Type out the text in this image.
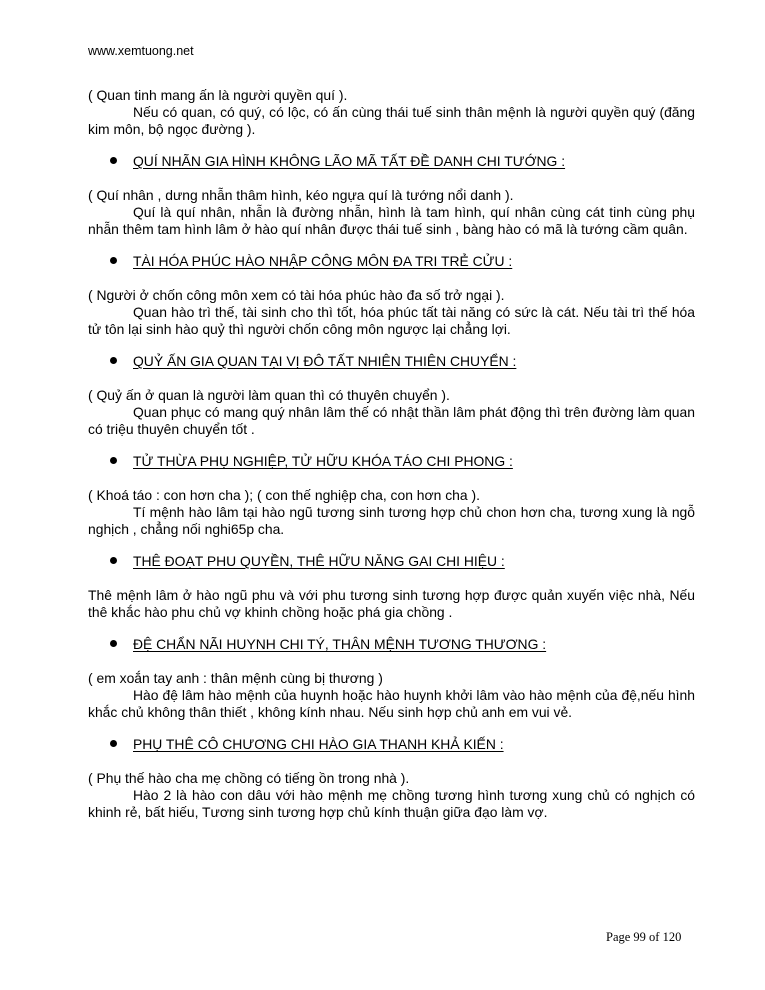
www.xemtuong.net

( Quan tinh mang ấn là người quyền quí ).

Nếu có quan, có quý, có lộc, có ấn cùng thái tuế sinh thân mệnh là người quyền quý (đăng kim môn, bộ ngọc đường ).

QUÍ NHÃN GIA HÌNH KHÔNG LÃO MÃ TẤT ĐỀ DANH CHI TƯỚNG :

( Quí nhân , dưng nhẫn thâm hình, kéo ngựa quí là tướng nổi danh ).

Quí là quí nhân, nhẫn là đường nhẫn, hình là tam hình, quí nhân cùng cát tinh cùng phụ nhẫn thêm tam hình lâm ở hào quí nhân được thái tuế sinh , bàng hào có mã là tướng cầm quân.

TÀI HÓA PHÚC HÀO NHẬP CÔNG MÔN ĐA TRI TRẺ CỬU :

( Người ở chốn công môn xem có tài hóa phúc hào đa số trở ngại ).

Quan hào trì thế, tài sinh cho thì tốt, hóa phúc tất tài năng có sức là cát. Nếu tài trì thế hóa tử tôn lại sinh hào quỷ thì người chốn công môn ngược lại chẳng lợi.

QUỶ ẤN GIA QUAN TẠI VỊ ĐÔ TẤT NHIÊN THIÊN CHUYỂN :

( Quỷ ấn ở quan là người làm quan thì có thuyên chuyển ).

Quan phục có mang quý nhân lâm thế có nhật thần lâm phát động thì trên đường làm quan có triệu thuyên chuyển tốt .

TỬ THỪA PHỤ NGHIỆP, TỬ HỮU KHÓA TÁO CHI PHONG :

( Khoá táo : con hơn cha ); ( con thế nghiệp cha, con hơn cha ).

Tí mệnh hào lâm tại hào ngũ tương sinh tương hợp chủ chon hơn cha, tương xung là ngỗ nghịch , chẳng nối nghi65p cha.

THÊ ĐOẠT PHU QUYỀN, THÊ HỮU NĂNG GAI CHI HIỆU :

Thê mệnh lâm ở hào ngũ phu và với phu tương sinh tương hợp được quản xuyến việc nhà, Nếu thê khắc hào phu chủ vợ khinh chồng hoặc phá gia chồng .

ĐỆ CHẨN NÃI HUYNH CHI TÝ, THÂN MỆNH TƯƠNG THƯƠNG :

( em xoắn tay anh : thân mệnh cùng bị thương )

Hào đệ lâm hào mệnh của huynh hoặc hào huynh khởi lâm vào hào mệnh của đệ,nếu hình khắc chủ không thân thiết , không kính nhau. Nếu sinh hợp chủ anh em vui vẻ.

PHỤ THÊ CÔ CHƯƠNG CHI HÀO GIA THANH KHẢ KIẾN :

( Phụ thế hào cha mẹ chồng có tiếng ồn trong nhà ).

Hào 2 là hào con dâu với hào mệnh mẹ chồng tương hình tương xung chủ có nghịch có khinh rẻ, bất hiếu, Tương sinh tương hợp chủ kính thuận giữa đạo làm vợ.

Page 99 of 120
